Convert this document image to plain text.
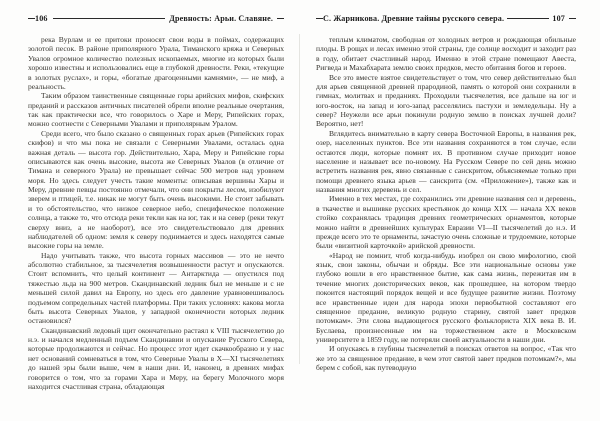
106	Древность: Арьи. Славяне.

река Вурлам и ее притоки проносят свои воды в поймах, содержащих золотой песок. В районе приполярного Урала, Тиманского кряжа и Северных Увалов огромное количество полезных ископаемых, многие из которых были хорошо известны и использовались еще в глубокой древности. Реки, «текущие в золотых руслах», и горы, «богатые драгоценными камнями», — не миф, а реальность.

Таким образом таинственные священные горы арийских мифов, скифских преданий и рассказов античных писателей обрели вполне реальные очертания, так как практически все, что говорилось о Харе и Меру, Рипейских горах, можно соотнести с Северными Увалами и приполярным Уралом.

Среди всего, что было сказано о священных горах арьев (Рипейских горах скифов) и что мы пока не связали с Северными Увалами, осталась одна важная деталь — высота гор. Действительно, Хара, Меру и Рипейские горы описываются как очень высокие, высота же Северных Увалов (в отличие от Тимана и северного Урала) не превышает сейчас 500 метров над уровнем моря. Но здесь следует учесть такие моменты: описывая вершины Хары и Меру, древние певцы постоянно отмечали, что они покрыты лесом, изобилуют зверем и птицей, т.е. никак не могут быть очень высокими. Не стоит забывать и то обстоятельство, что низкое северное небо, специфическое положение солнца, а также то, что отсюда реки текли как на юг, так и на север (реки текут сверху вниз, а не наоборот), все это свидетельствовало для древних наблюдателей об одном: земля к северу поднимается и здесь находятся самые высокие горы на земле.

Надо учитывать также, что высота горных массивов — это не нечто абсолютно стабильное, за тысячелетия возвышенности растут и опускаются. Стоит вспомнить, что целый континент — Антарктида — опустился под тяжестью льда на 900 метров. Скандинавский ледник был не меньше и с не меньшей силой давил на Европу, но здесь его давление уравновешивалось подъемом сопредельных частей платформы. При таких условиях: какова могла быть высота Северных Увалов, у западной оконечности которых ледник остановился?

Скандинавский ледовый щит окончательно растаял к VIII тысячелетию до н.э. и начался медленный подъем Скандинавии и опускание Русского Севера, которые продолжаются и сейчас. Но процесс этот идет скачкообразно и у нас нет оснований сомневаться в том, что Северные Увалы в X—XI тысячелетиях до нашей эры были выше, чем в наши дни. И, наконец, в древних мифах говорится о том, что за горами Хара и Меру, на берегу Молочного моря находится счастливая страна, обладающая

С. Жарникова. Древние тайны русского севера.	107

теплым климатом, свободная от холодных ветров и рождающая обильные плоды. В рощах и лесах именно этой страны, где солнце восходит и заходит раз в году, обитает счастливый народ. Именно в этой стране помещают Авеста, Ригведа и Махабхарата землю своих предков, место обитания богов и героев.

Все это вместе взятое свидетельствует о том, что север действительно был для арьев священной древней прародиной, память о которой они сохранили в гимнах, молитвах и преданиях. Проходили тысячелетия, все дальше на юг и юго-восток, на запад и юго-запад расселялись пастухи и земледельцы. Ну а север? Неужели все арьи покинули родную землю в поисках лучшей доли? Вероятно, нет!

Вглядитесь внимательно в карту севера Восточной Европы, в названия рек, озер, населенных пунктов. Все эти названия сохраняются в том случае, если остаются люди, которые помнят их. В противном случае приходит новое население и называет все по-новому. На Русском Севере по сей день можно встретить названия рек, явно связанные с санскритом, объясняемые только при помощи древнего языка арьев — санскрита (см. «Приложение»), также как и названия многих деревень и сел.

Именно в тех местах, где сохранились эти древние названия сел и деревень, в ткачестве и вышивке русских крестьянок до конца XIX — начала XX веков стойко сохранялась традиция древних геометрических орнаментов, которые можно найти в древнейших культурах Евразии VI—II тысячелетий до н.э. И прежде всего это те орнаменты, зачастую очень сложные и трудоемкие, которые были «визитной карточкой» арийской древности.

«Народ не помнит, чтоб когда-нибудь изобрел он свою мифологию, свой язык, свои законы, обычаи и обряды. Все эти национальные основы уже глубоко вошли в его нравственное бытие, как сама жизнь, пережитая им в течение многих доисторических веков, как прошедшее, на котором твердо покоится настоящий порядок вещей и все будущее развитие жизни. Поэтому все нравственные идеи для народа эпохи первобытной составляют его священное предание, великую родную старину, святой завет предков потомкам». Эти слова выдающегося русского фольклориста XIX века В. И. Буслаева, произнесенные им на торжественном акте в Московском университете в 1859 году, не потеряли своей актуальности в наши дни.

И опускаясь в глубины тысячелетий в поисках ответов на вопрос, «Так что же это за священное предание, в чем этот святой завет предков потомкам?», мы берем с собой, как путеводную
